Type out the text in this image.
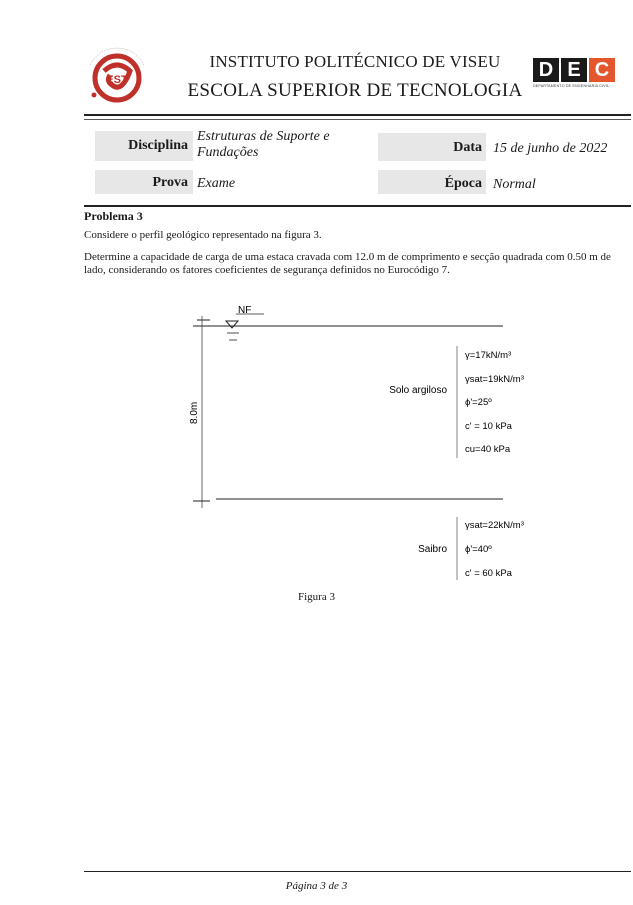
EST
INSTITUTO POLITÉCNICO DE VISEU
ESCOLA SUPERIOR DE TECNOLOGIA
D E C
DEPARTAMENTO DE ENGENHARIA CIVIL
Disciplina
Estruturas de Suporte e
Fundações	Data 15 de junho de 2022
Prova Exame	Época Normal
Problema 3
Considere o perfil geológico representado na figura 3.
Determine a capacidade de carga de uma estaca cravada com 12.0 m de comprimento e secção quadrada com 0.50 m de
lado, considerando os fatores coeficientes de segurança definidos no Eurocódigo 7.
NF
8.0m
Solo argiloso
γ=17kN/m³
γsat=19kN/m³
ϕ'=25º
c' = 10 kPa
cu=40 kPa
Saibro
γsat=22kN/m³
ϕ'=40º
c' = 60 kPa
Figura 3
Página 3 de 3
